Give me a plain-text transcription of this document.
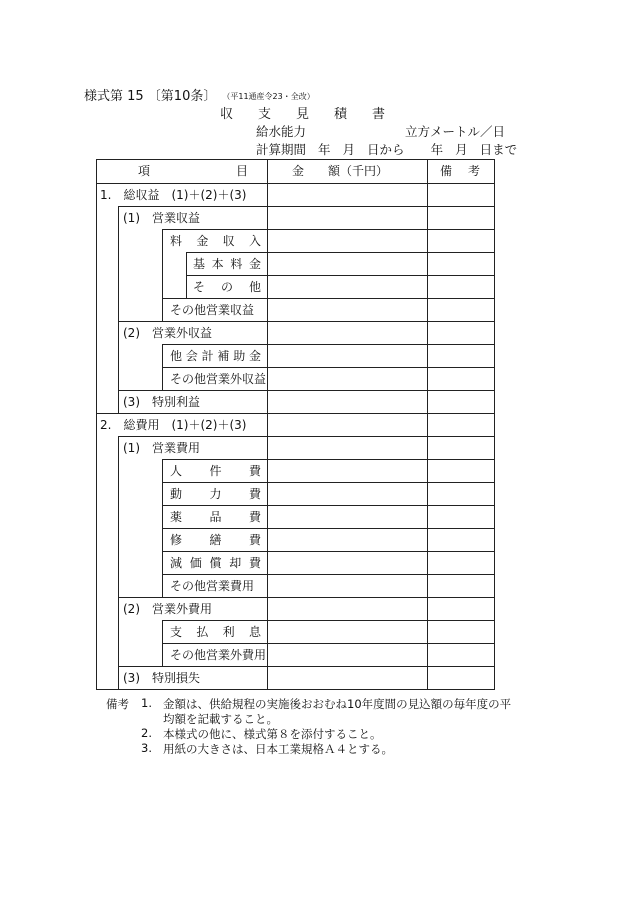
様式第 15 〔第10条〕 （平11通産令23・全改）
収 支 見 積 書
給水能力	立方メートル／日
計算期間 年 月 日から 年 月 日まで
項	目	金　　額（千円）	備 考
1.　総収益　(1)＋(2)＋(3)
(1)　営業収益
料 金 収 入
基 本 料 金
そ の 他
その他営業収益
(2)　営業外収益
他 会 計 補 助 金
その他営業外収益
(3)　特別利益
2.　総費用　(1)＋(2)＋(3)
(1)　営業費用
人 件 費
動 力 費
薬 品 費
修 繕 費
減 価 償 却 費
その他営業費用
(2)　営業外費用
支 払 利 息
その他営業外費用
(3)　特別損失
備考 1. 金額は、供給規程の実施後おおむね10年度間の見込額の毎年度の平
均額を記載すること。
2. 本様式の他に、様式第８を添付すること。
3. 用紙の大きさは、日本工業規格Ａ４とする。
